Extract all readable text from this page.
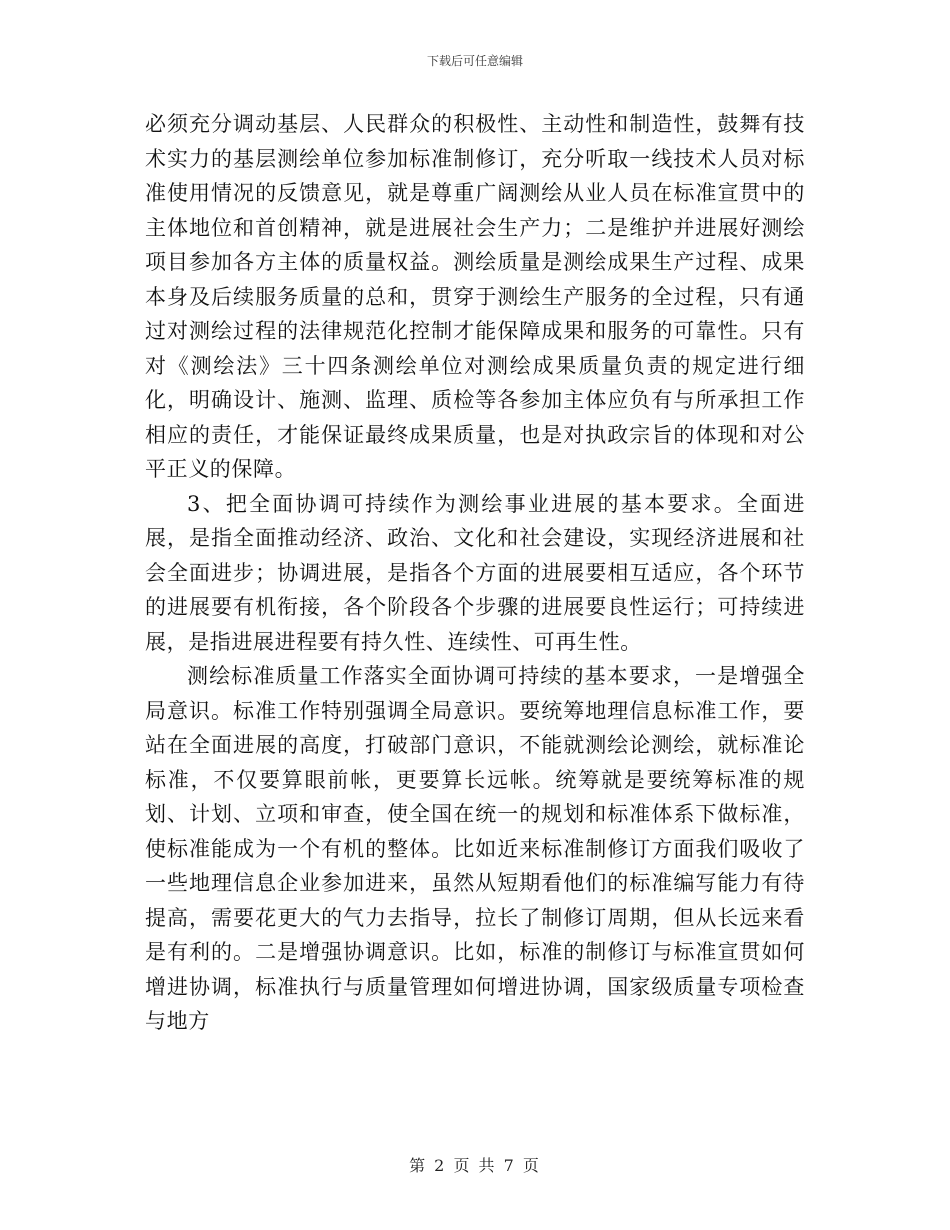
下载后可任意编辑

必须充分调动基层、人民群众的积极性、主动性和制造性，鼓舞有技术实力的基层测绘单位参加标准制修订，充分听取一线技术人员对标准使用情况的反馈意见，就是尊重广阔测绘从业人员在标准宣贯中的主体地位和首创精神，就是进展社会生产力；二是维护并进展好测绘项目参加各方主体的质量权益。测绘质量是测绘成果生产过程、成果本身及后续服务质量的总和，贯穿于测绘生产服务的全过程，只有通过对测绘过程的法律规范化控制才能保障成果和服务的可靠性。只有对《测绘法》三十四条测绘单位对测绘成果质量负责的规定进行细化，明确设计、施测、监理、质检等各参加主体应负有与所承担工作相应的责任，才能保证最终成果质量，也是对执政宗旨的体现和对公平正义的保障。

3、把全面协调可持续作为测绘事业进展的基本要求。全面进展，是指全面推动经济、政治、文化和社会建设，实现经济进展和社会全面进步；协调进展，是指各个方面的进展要相互适应，各个环节的进展要有机衔接，各个阶段各个步骤的进展要良性运行；可持续进展，是指进展进程要有持久性、连续性、可再生性。

测绘标准质量工作落实全面协调可持续的基本要求，一是增强全局意识。标准工作特别强调全局意识。要统筹地理信息标准工作，要站在全面进展的高度，打破部门意识，不能就测绘论测绘，就标准论标准，不仅要算眼前帐，更要算长远帐。统筹就是要统筹标准的规划、计划、立项和审查，使全国在统一的规划和标准体系下做标准，使标准能成为一个有机的整体。比如近来标准制修订方面我们吸收了一些地理信息企业参加进来，虽然从短期看他们的标准编写能力有待提高，需要花更大的气力去指导，拉长了制修订周期，但从长远来看是有利的。二是增强协调意识。比如，标准的制修订与标准宣贯如何增进协调，标准执行与质量管理如何增进协调，国家级质量专项检查与地方

第 2 页 共 7 页
